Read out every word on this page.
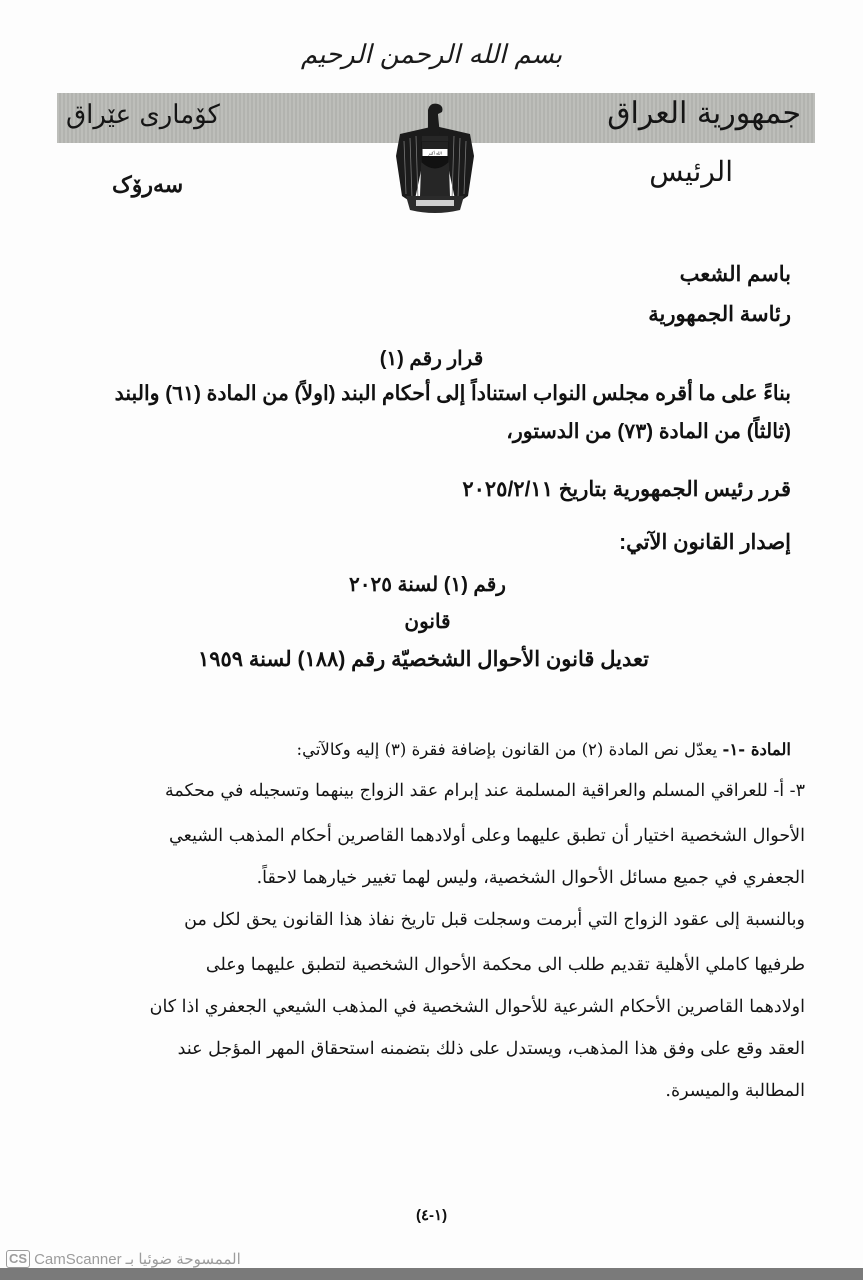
بسم الله الرحمن الرحيم
جمهورية العراق
كۆماری عێراق
الرئيس
سەرۆک
الله أكبر
باسم الشعب
رئاسة الجمهورية
قرار رقم (١)
بناءً على ما أقره مجلس النواب استناداً إلى أحكام البند (اولاً) من المادة (٦١) والبند
(ثالثاً) من المادة (٧٣) من الدستور،
قرر رئيس الجمهورية بتاريخ ٢٠٢٥/٢/١١
إصدار القانون الآتي:
رقم (١) لسنة ٢٠٢٥
قانون
تعديل قانون الأحوال الشخصيّة رقم (١٨٨) لسنة ١٩٥٩
المادة -١- يعدّل نص المادة (٢) من القانون بإضافة فقرة (٣) إليه وكالآتي:
٣- أ- للعراقي المسلم والعراقية المسلمة عند إبرام عقد الزواج بينهما وتسجيله في محكمة
الأحوال الشخصية اختيار أن تطبق عليهما وعلى أولادهما القاصرين أحكام المذهب الشيعي
الجعفري في جميع مسائل الأحوال الشخصية، وليس لهما تغيير خيارهما لاحقاً.
وبالنسبة إلى عقود الزواج التي أبرمت وسجلت قبل تاريخ نفاذ هذا القانون يحق لكل من
طرفيها كاملي الأهلية تقديم طلب الى محكمة الأحوال الشخصية لتطبق عليهما وعلى
اولادهما القاصرين الأحكام الشرعية للأحوال الشخصية في المذهب الشيعي الجعفري اذا كان
العقد وقع على وفق هذا المذهب، ويستدل على ذلك بتضمنه استحقاق المهر المؤجل عند
المطالبة والميسرة.
(١-٤)
CS CamScanner الممسوحة ضوئيا بـ
